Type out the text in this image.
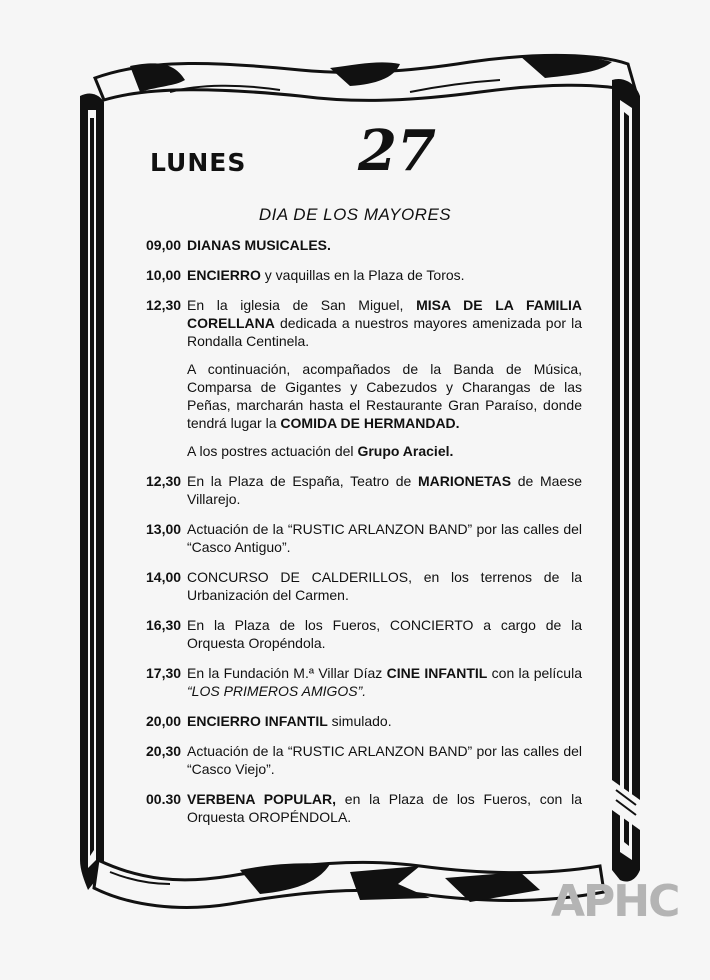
LUNES 27
DIA DE LOS MAYORES
09,00 DIANAS MUSICALES.

10,00 ENCIERRO y vaquillas en la Plaza de Toros.

12,30 En la iglesia de San Miguel, MISA DE LA FAMILIA CORELLANA dedicada a nuestros mayores amenizada por la Rondalla Centinela.

A continuación, acompañados de la Banda de Música, Comparsa de Gigantes y Cabezudos y Charangas de las Peñas, marcharán hasta el Restaurante Gran Paraíso, donde tendrá lugar la COMIDA DE HERMANDAD.

A los postres actuación del Grupo Araciel.

12,30 En la Plaza de España, Teatro de MARIONETAS de Maese Villarejo.

13,00 Actuación de la “RUSTIC ARLANZON BAND” por las calles del “Casco Antiguo”.

14,00 CONCURSO DE CALDERILLOS, en los terrenos de la Urbanización del Carmen.

16,30 En la Plaza de los Fueros, CONCIERTO a cargo de la Orquesta Oropéndola.

17,30 En la Fundación M.ª Villar Díaz CINE INFANTIL con la película “LOS PRIMEROS AMIGOS”.

20,00 ENCIERRO INFANTIL simulado.

20,30 Actuación de la “RUSTIC ARLANZON BAND” por las calles del “Casco Viejo”.

00.30 VERBENA POPULAR, en la Plaza de los Fueros, con la Orquesta OROPÉNDOLA.

APHC
